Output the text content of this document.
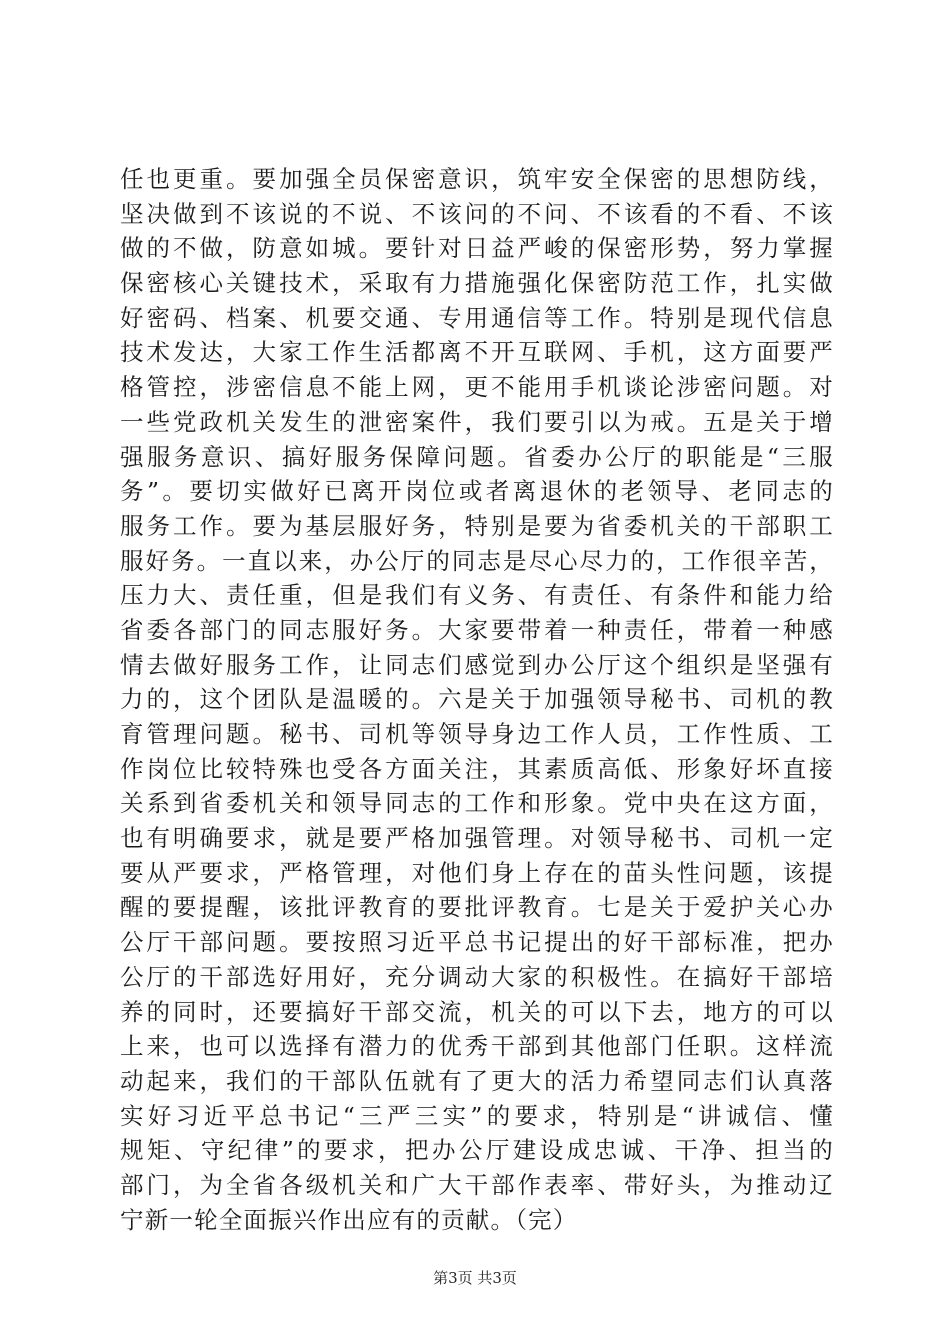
任也更重。要加强全员保密意识，筑牢安全保密的思想防线，
坚决做到不该说的不说、不该问的不问、不该看的不看、不该
做的不做，防意如城。要针对日益严峻的保密形势，努力掌握
保密核心关键技术，采取有力措施强化保密防范工作，扎实做
好密码、档案、机要交通、专用通信等工作。特别是现代信息
技术发达，大家工作生活都离不开互联网、手机，这方面要严
格管控，涉密信息不能上网，更不能用手机谈论涉密问题。对
一些党政机关发生的泄密案件，我们要引以为戒。五是关于增
强服务意识、搞好服务保障问题。省委办公厅的职能是“三服
务”。要切实做好已离开岗位或者离退休的老领导、老同志的
服务工作。要为基层服好务，特别是要为省委机关的干部职工
服好务。一直以来，办公厅的同志是尽心尽力的，工作很辛苦，
压力大、责任重，但是我们有义务、有责任、有条件和能力给
省委各部门的同志服好务。大家要带着一种责任，带着一种感
情去做好服务工作，让同志们感觉到办公厅这个组织是坚强有
力的，这个团队是温暖的。六是关于加强领导秘书、司机的教
育管理问题。秘书、司机等领导身边工作人员，工作性质、工
作岗位比较特殊也受各方面关注，其素质高低、形象好坏直接
关系到省委机关和领导同志的工作和形象。党中央在这方面，
也有明确要求，就是要严格加强管理。对领导秘书、司机一定
要从严要求，严格管理，对他们身上存在的苗头性问题，该提
醒的要提醒，该批评教育的要批评教育。七是关于爱护关心办
公厅干部问题。要按照习近平总书记提出的好干部标准，把办
公厅的干部选好用好，充分调动大家的积极性。在搞好干部培
养的同时，还要搞好干部交流，机关的可以下去，地方的可以
上来，也可以选择有潜力的优秀干部到其他部门任职。这样流
动起来，我们的干部队伍就有了更大的活力希望同志们认真落
实好习近平总书记“三严三实”的要求，特别是“讲诚信、懂
规矩、守纪律”的要求，把办公厅建设成忠诚、干净、担当的
部门，为全省各级机关和广大干部作表率、带好头，为推动辽
宁新一轮全面振兴作出应有的贡献。（完）
第3页 共3页
